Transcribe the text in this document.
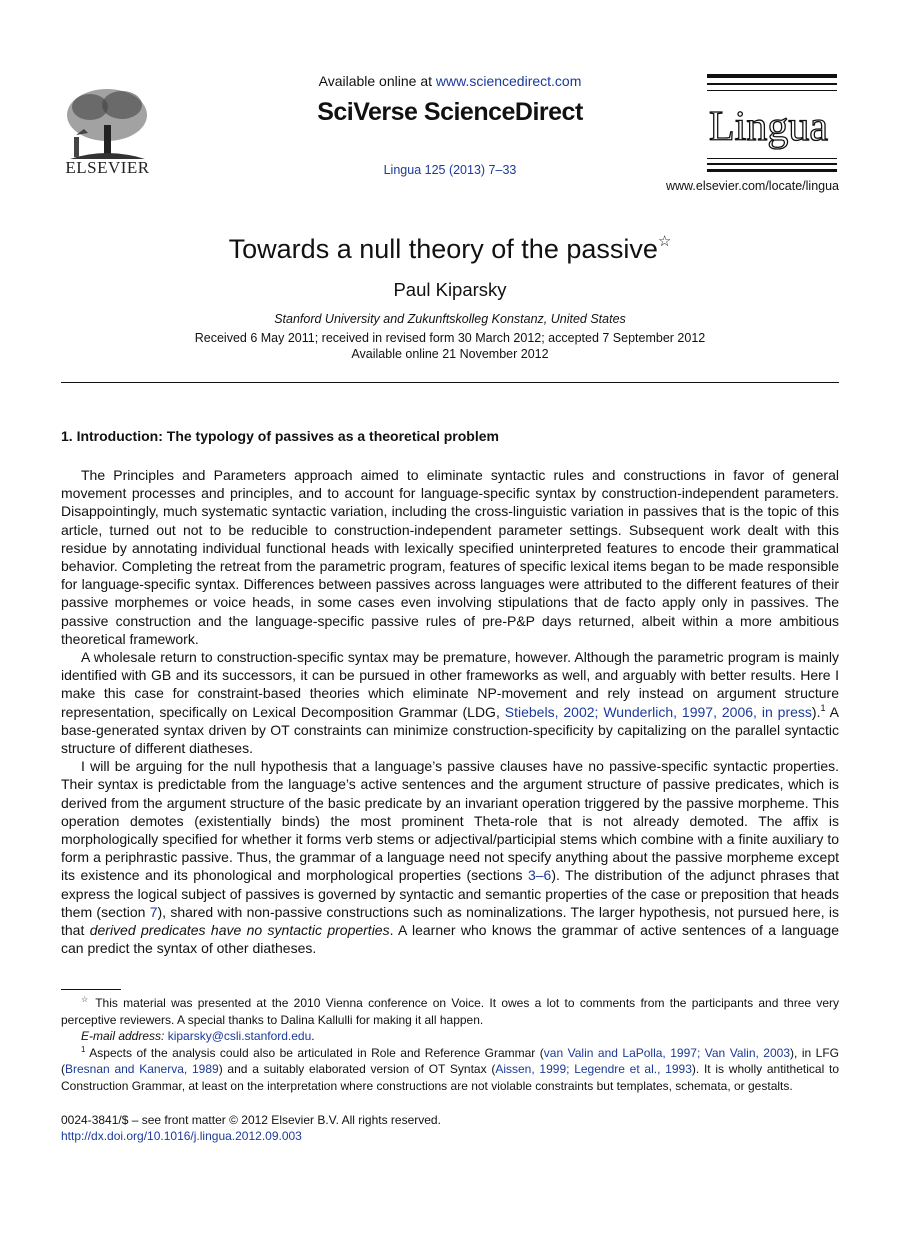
ELSEVIER
Available online at www.sciencedirect.com
SciVerse ScienceDirect
Lingua 125 (2013) 7–33
Lingua
www.elsevier.com/locate/lingua
Towards a null theory of the passive☆
Paul Kiparsky
Stanford University and Zukunftskolleg Konstanz, United States
Received 6 May 2011; received in revised form 30 March 2012; accepted 7 September 2012
Available online 21 November 2012
1. Introduction: The typology of passives as a theoretical problem

The Principles and Parameters approach aimed to eliminate syntactic rules and constructions in favor of general movement processes and principles, and to account for language-specific syntax by construction-independent parameters. Disappointingly, much systematic syntactic variation, including the cross-linguistic variation in passives that is the topic of this article, turned out not to be reducible to construction-independent parameter settings. Subsequent work dealt with this residue by annotating individual functional heads with lexically specified uninterpreted features to encode their grammatical behavior. Completing the retreat from the parametric program, features of specific lexical items began to be made responsible for language-specific syntax. Differences between passives across languages were attributed to the different features of their passive morphemes or voice heads, in some cases even involving stipulations that de facto apply only in passives. The passive construction and the language-specific passive rules of pre-P&P days returned, albeit within a more ambitious theoretical framework.

A wholesale return to construction-specific syntax may be premature, however. Although the parametric program is mainly identified with GB and its successors, it can be pursued in other frameworks as well, and arguably with better results. Here I make this case for constraint-based theories which eliminate NP-movement and rely instead on argument structure representation, specifically on Lexical Decomposition Grammar (LDG, Stiebels, 2002; Wunderlich, 1997, 2006, in press).$^1$ A base-generated syntax driven by OT constraints can minimize construction-specificity by capitalizing on the parallel syntactic structure of different diatheses.

I will be arguing for the null hypothesis that a language’s passive clauses have no passive-specific syntactic properties. Their syntax is predictable from the language’s active sentences and the argument structure of passive predicates, which is derived from the argument structure of the basic predicate by an invariant operation triggered by the passive morpheme. This operation demotes (existentially binds) the most prominent Theta-role that is not already demoted. The affix is morphologically specified for whether it forms verb stems or adjectival/participial stems which combine with a finite auxiliary to form a periphrastic passive. Thus, the grammar of a language need not specify anything about the passive morpheme except its existence and its phonological and morphological properties (sections 3–6). The distribution of the adjunct phrases that express the logical subject of passives is governed by syntactic and semantic properties of the case or preposition that heads them (section 7), shared with non-passive constructions such as nominalizations. The larger hypothesis, not pursued here, is that derived predicates have no syntactic properties. A learner who knows the grammar of active sentences of a language can predict the syntax of other diatheses.

☆ This material was presented at the 2010 Vienna conference on Voice. It owes a lot to comments from the participants and three very perceptive reviewers. A special thanks to Dalina Kallulli for making it all happen.

E-mail address: kiparsky@csli.stanford.edu.

$^1$ Aspects of the analysis could also be articulated in Role and Reference Grammar (van Valin and LaPolla, 1997; Van Valin, 2003), in LFG (Bresnan and Kanerva, 1989) and a suitably elaborated version of OT Syntax (Aissen, 1999; Legendre et al., 1993). It is wholly antithetical to Construction Grammar, at least on the interpretation where constructions are not violable constraints but templates, schemata, or gestalts.

0024-3841/$ – see front matter © 2012 Elsevier B.V. All rights reserved.
http://dx.doi.org/10.1016/j.lingua.2012.09.003
